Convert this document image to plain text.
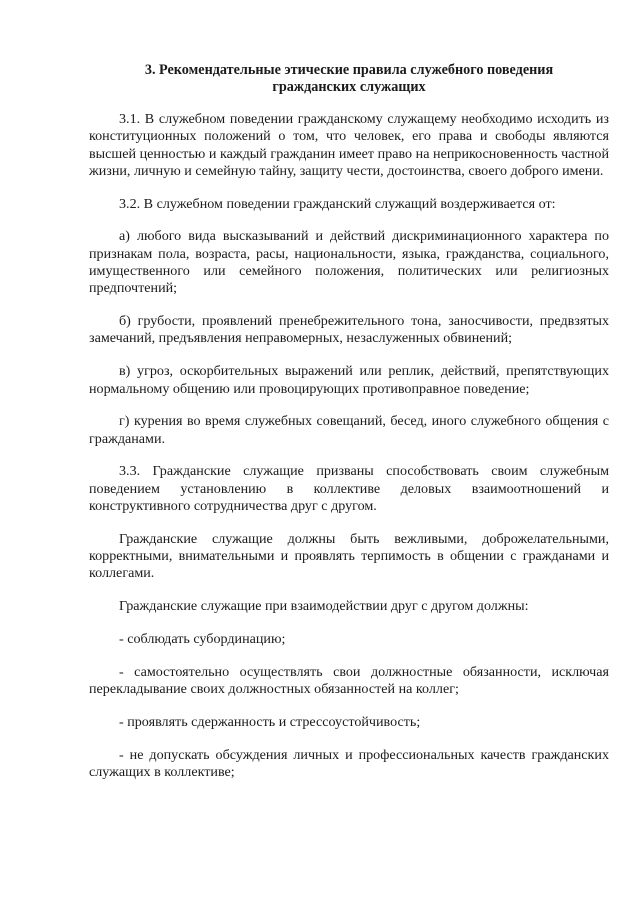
3. Рекомендательные этические правила служебного поведения
гражданских служащих

3.1. В служебном поведении гражданскому служащему необходимо исходить из конституционных положений о том, что человек, его права и свободы являются высшей ценностью и каждый гражданин имеет право на неприкосновенность частной жизни, личную и семейную тайну, защиту чести, достоинства, своего доброго имени.

3.2. В служебном поведении гражданский служащий воздерживается от:

а) любого вида высказываний и действий дискриминационного характера по признакам пола, возраста, расы, национальности, языка, гражданства, социального, имущественного или семейного положения, политических или религиозных предпочтений;

б) грубости, проявлений пренебрежительного тона, заносчивости, предвзятых замечаний, предъявления неправомерных, незаслуженных обвинений;

в) угроз, оскорбительных выражений или реплик, действий, препятствующих нормальному общению или провоцирующих противоправное поведение;

г) курения во время служебных совещаний, бесед, иного служебного общения с гражданами.

3.3. Гражданские служащие призваны способствовать своим служебным поведением установлению в коллективе деловых взаимоотношений и конструктивного сотрудничества друг с другом.

Гражданские служащие должны быть вежливыми, доброжелательными, корректными, внимательными и проявлять терпимость в общении с гражданами и коллегами.

Гражданские служащие при взаимодействии друг с другом должны:

- соблюдать субординацию;

- самостоятельно осуществлять свои должностные обязанности, исключая перекладывание своих должностных обязанностей на коллег;

- проявлять сдержанность и стрессоустойчивость;

- не допускать обсуждения личных и профессиональных качеств гражданских служащих в коллективе;
